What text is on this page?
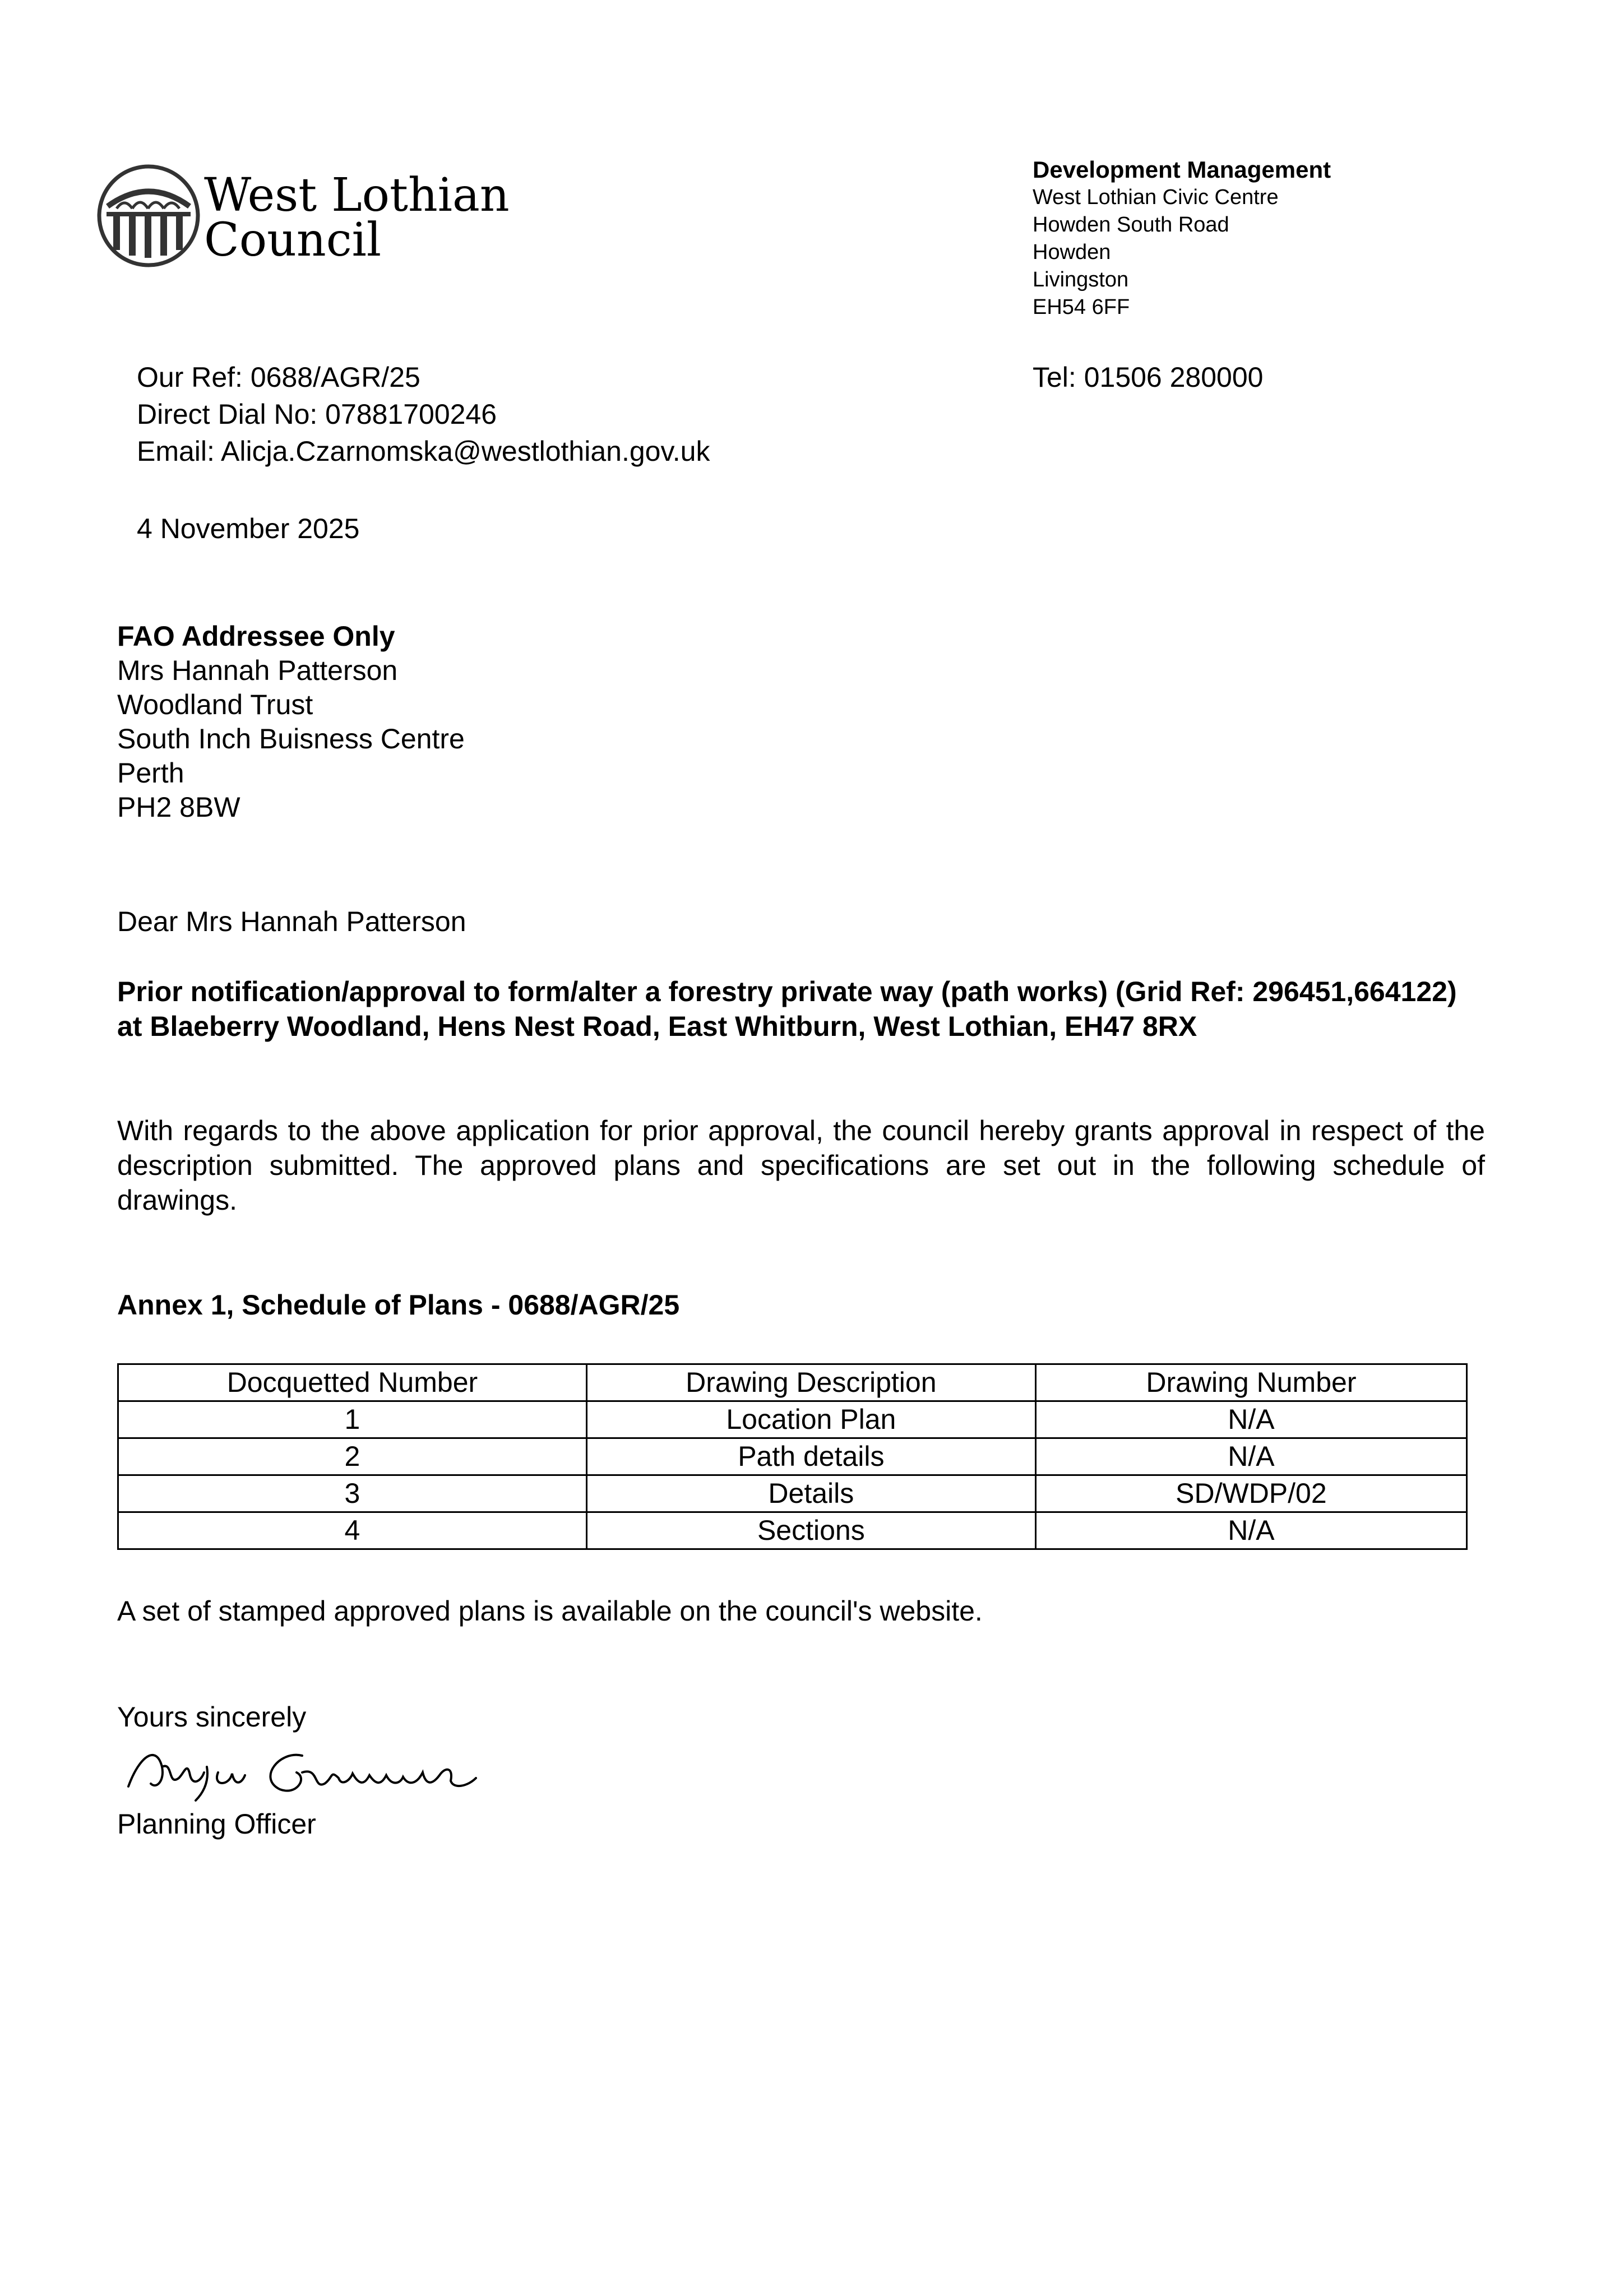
West Lothian
Council
Development Management
West Lothian Civic Centre
Howden South Road
Howden
Livingston
EH54 6FF
Our Ref: 0688/AGR/25
Direct Dial No: 07881700246
Email: Alicja.Czarnomska@westlothian.gov.uk
Tel: 01506 280000
4 November 2025
FAO Addressee Only
Mrs Hannah Patterson
Woodland Trust
South Inch Buisness Centre
Perth
PH2 8BW
Dear Mrs Hannah Patterson
Prior notification/approval to form/alter a forestry private way (path works) (Grid Ref: 296451,664122) at Blaeberry Woodland, Hens Nest Road, East Whitburn, West Lothian, EH47 8RX
With regards to the above application for prior approval, the council hereby grants approval in respect of the description submitted. The approved plans and specifications are set out in the following schedule of drawings.
Annex 1, Schedule of Plans - 0688/AGR/25
Docquetted Number	Drawing Description	Drawing Number
1	Location Plan	N/A
2	Path details	N/A
3	Details	SD/WDP/02
4	Sections	N/A
A set of stamped approved plans is available on the council's website.
Yours sincerely
Planning Officer
